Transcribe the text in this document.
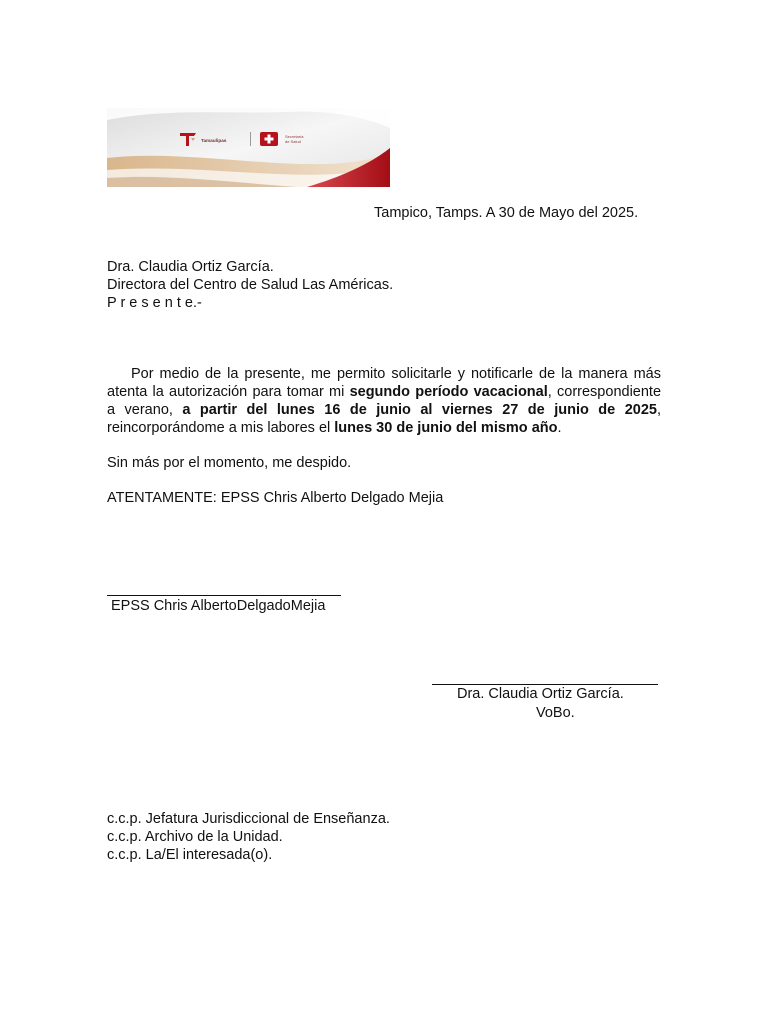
Tamaulipas
Secretaría
de Salud
Tampico, Tamps. A 30 de Mayo del 2025.
Dra. Claudia Ortiz García.
Directora del Centro de Salud Las Américas.
P r e s e n t e.-
Por medio de la presente, me permito solicitarle y notificarle de la manera más atenta la autorización para tomar mi segundo período vacacional, correspondiente a verano, a partir del lunes 16 de junio al viernes 27 de junio de 2025, reincorporándome a mis labores el lunes 30 de junio del mismo año.
Sin más por el momento, me despido.
ATENTAMENTE: EPSS Chris Alberto Delgado Mejia
EPSS Chris AlbertoDelgadoMejia
Dra. Claudia Ortiz García.
VoBo.
c.c.p. Jefatura Jurisdiccional de Enseñanza.
c.c.p. Archivo de la Unidad.
c.c.p. La/El interesada(o).
